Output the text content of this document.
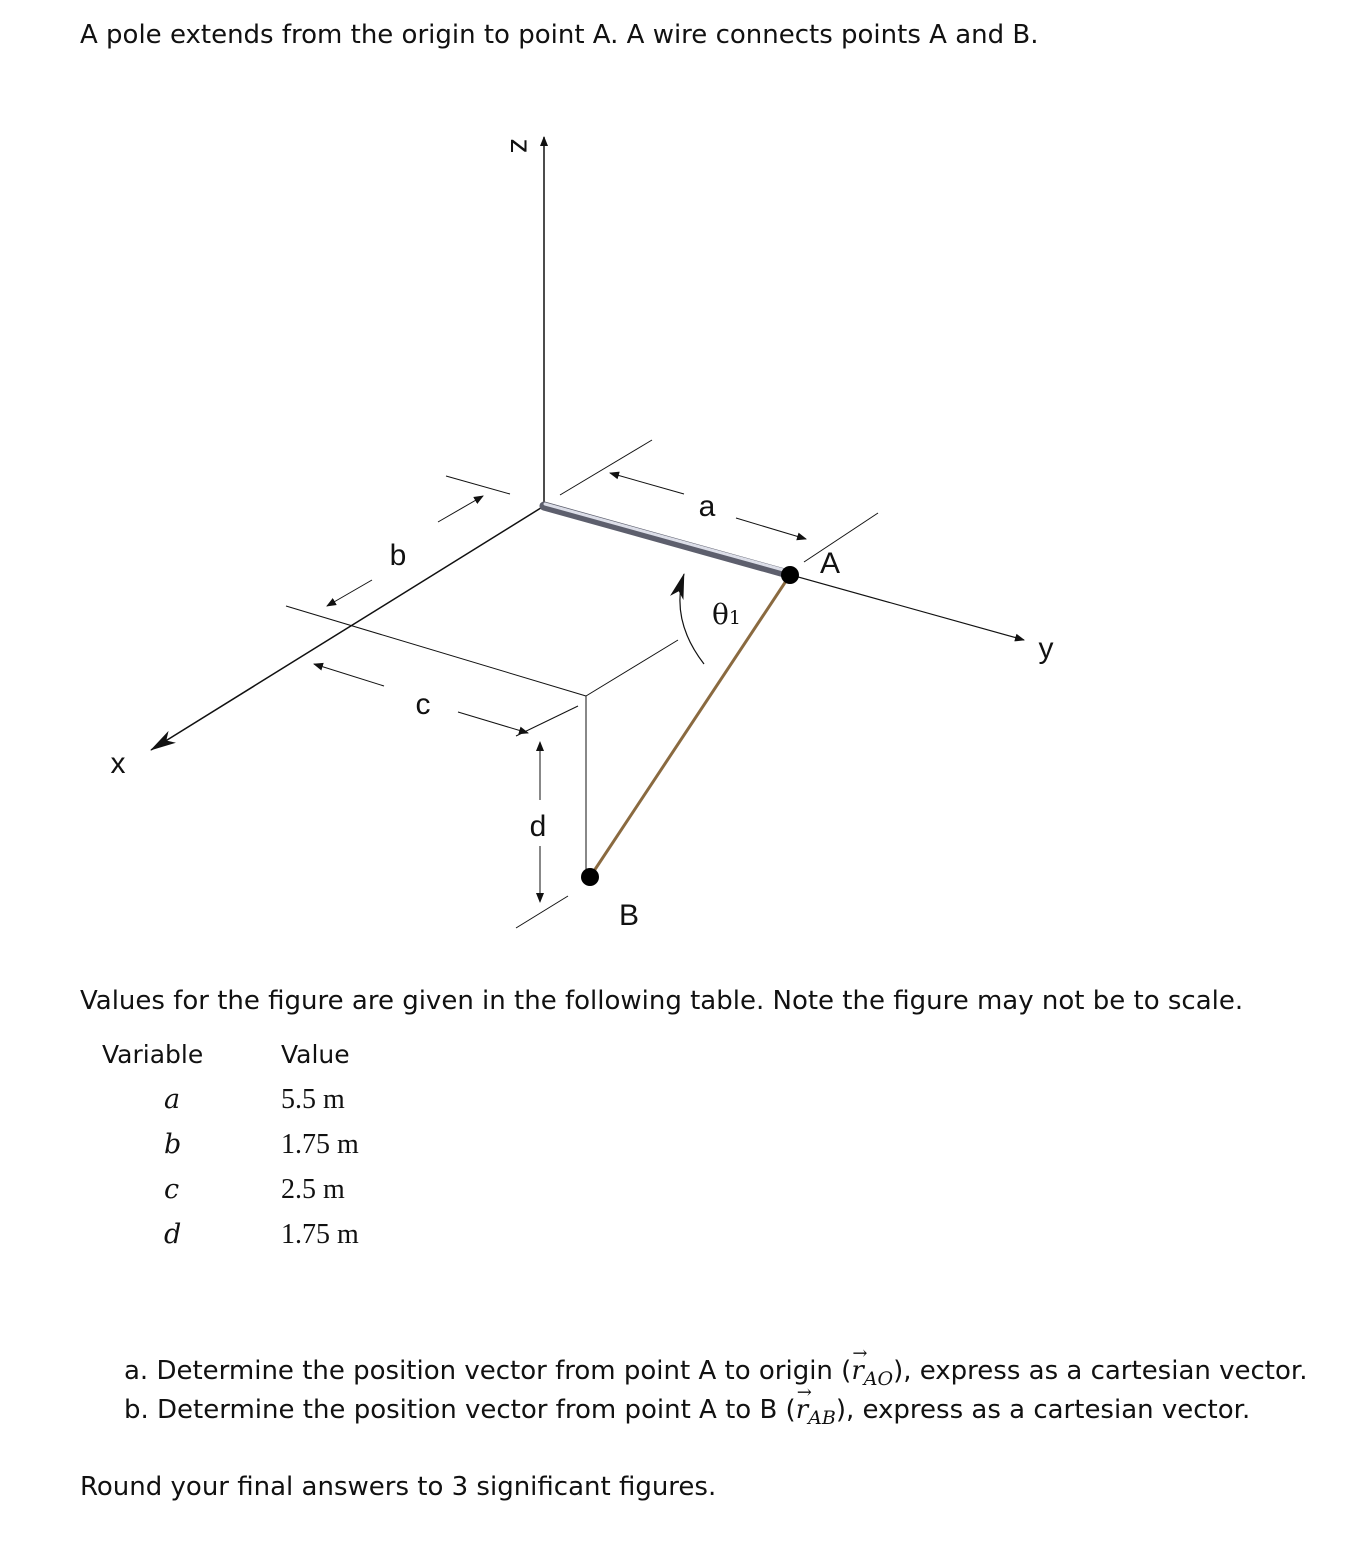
A pole extends from the origin to point A. A wire connects points A and B.
z
x
y
a
b
c
d
A
B
θ1
Values for the figure are given in the following table. Note the figure may not be to scale.
Variable	Value
a	5.5 m
b	1.75 m
c	2.5 m
d	1.75 m
a. Determine the position vector from point A to origin (
→
$r_{AO}$), express as a cartesian vector.
b. Determine the position vector from point A to B (
→
$r_{AB}$), express as a cartesian vector.
Round your final answers to 3 significant figures.
